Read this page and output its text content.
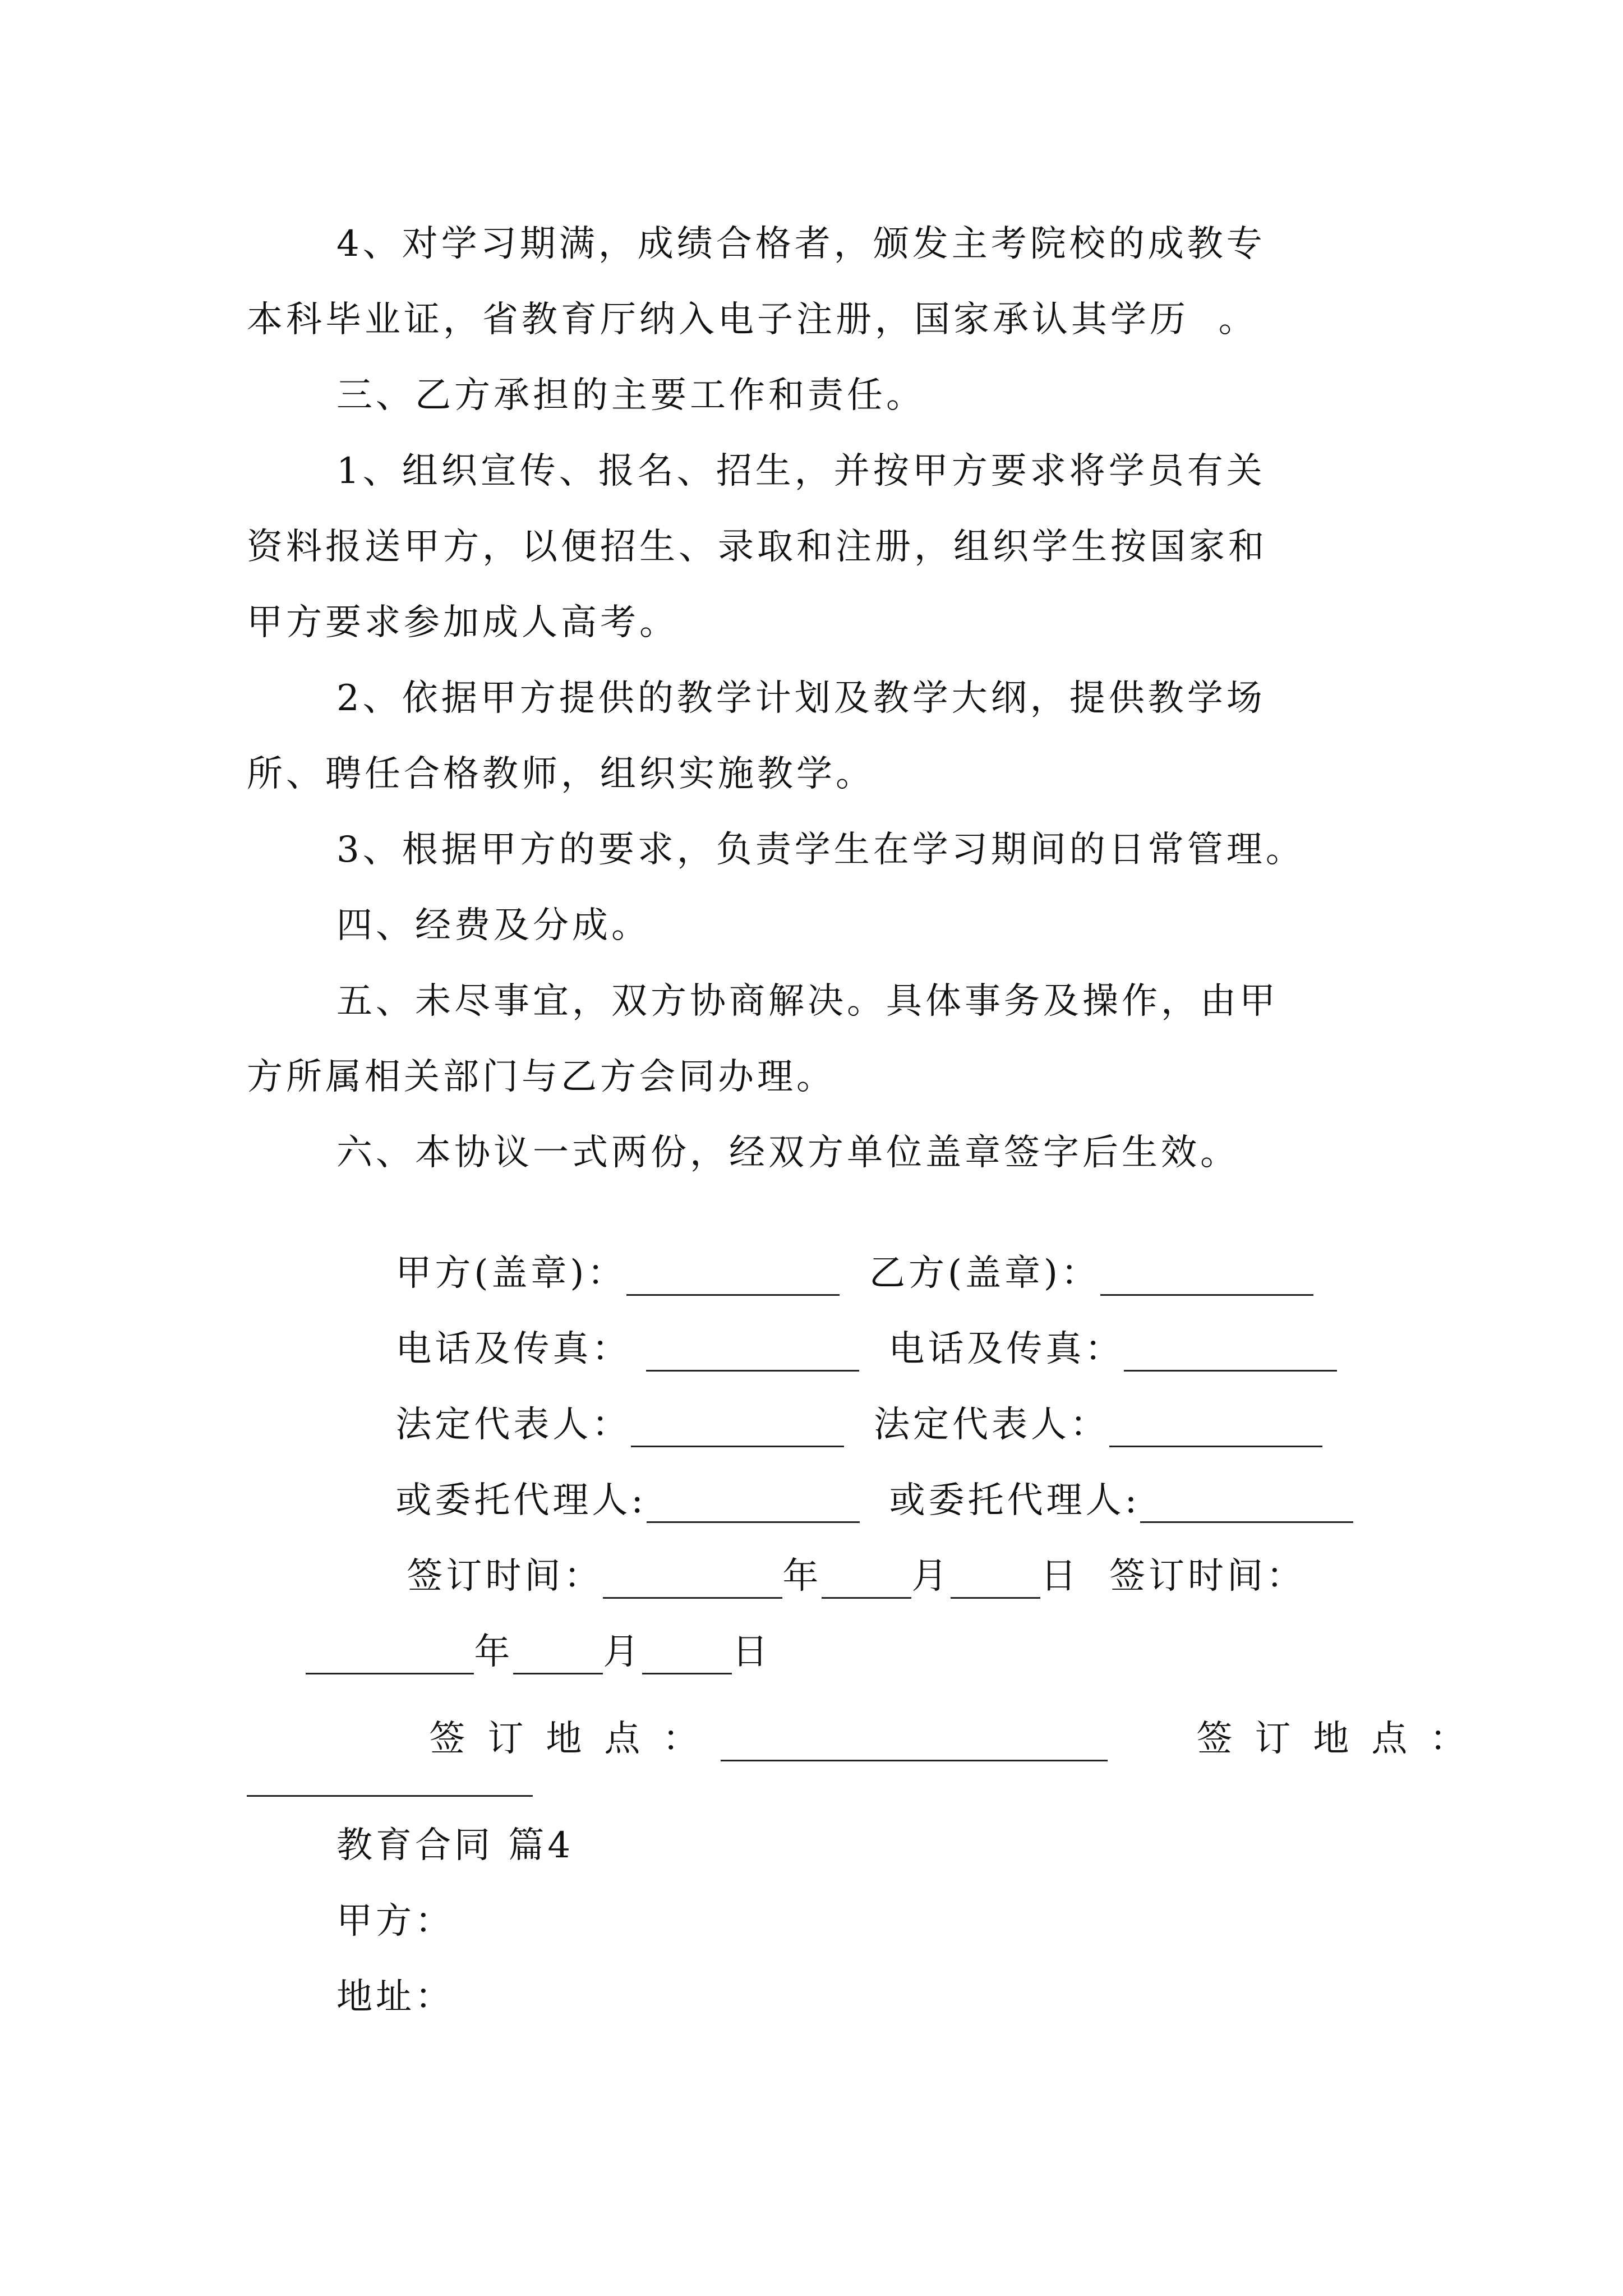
4、对学习期满，成绩合格者，颁发主考院校的成教专
本科毕业证，省教育厅纳入电子注册，国家承认其学历  。
三、乙方承担的主要工作和责任。
1、组织宣传、报名、招生，并按甲方要求将学员有关
资料报送甲方，以便招生、录取和注册，组织学生按国家和
甲方要求参加成人高考。
2、依据甲方提供的教学计划及教学大纲，提供教学场
所、聘任合格教师，组织实施教学。
3、根据甲方的要求，负责学生在学习期间的日常管理。
四、经费及分成。
五、未尽事宜，双方协商解决。具体事务及操作，由甲
方所属相关部门与乙方会同办理。
六、本协议一式两份，经双方单位盖章签字后生效。

甲方(盖章)：	乙方(盖章)：

电话及传真：	电话及传真：

法定代表人：	法定代表人：

或委托代理人:	或委托代理人:

签订时间：	年	月	日 签订时间：

年	月	日

签订地点：	签订地点：

教育合同 篇4
甲方：
地址：
